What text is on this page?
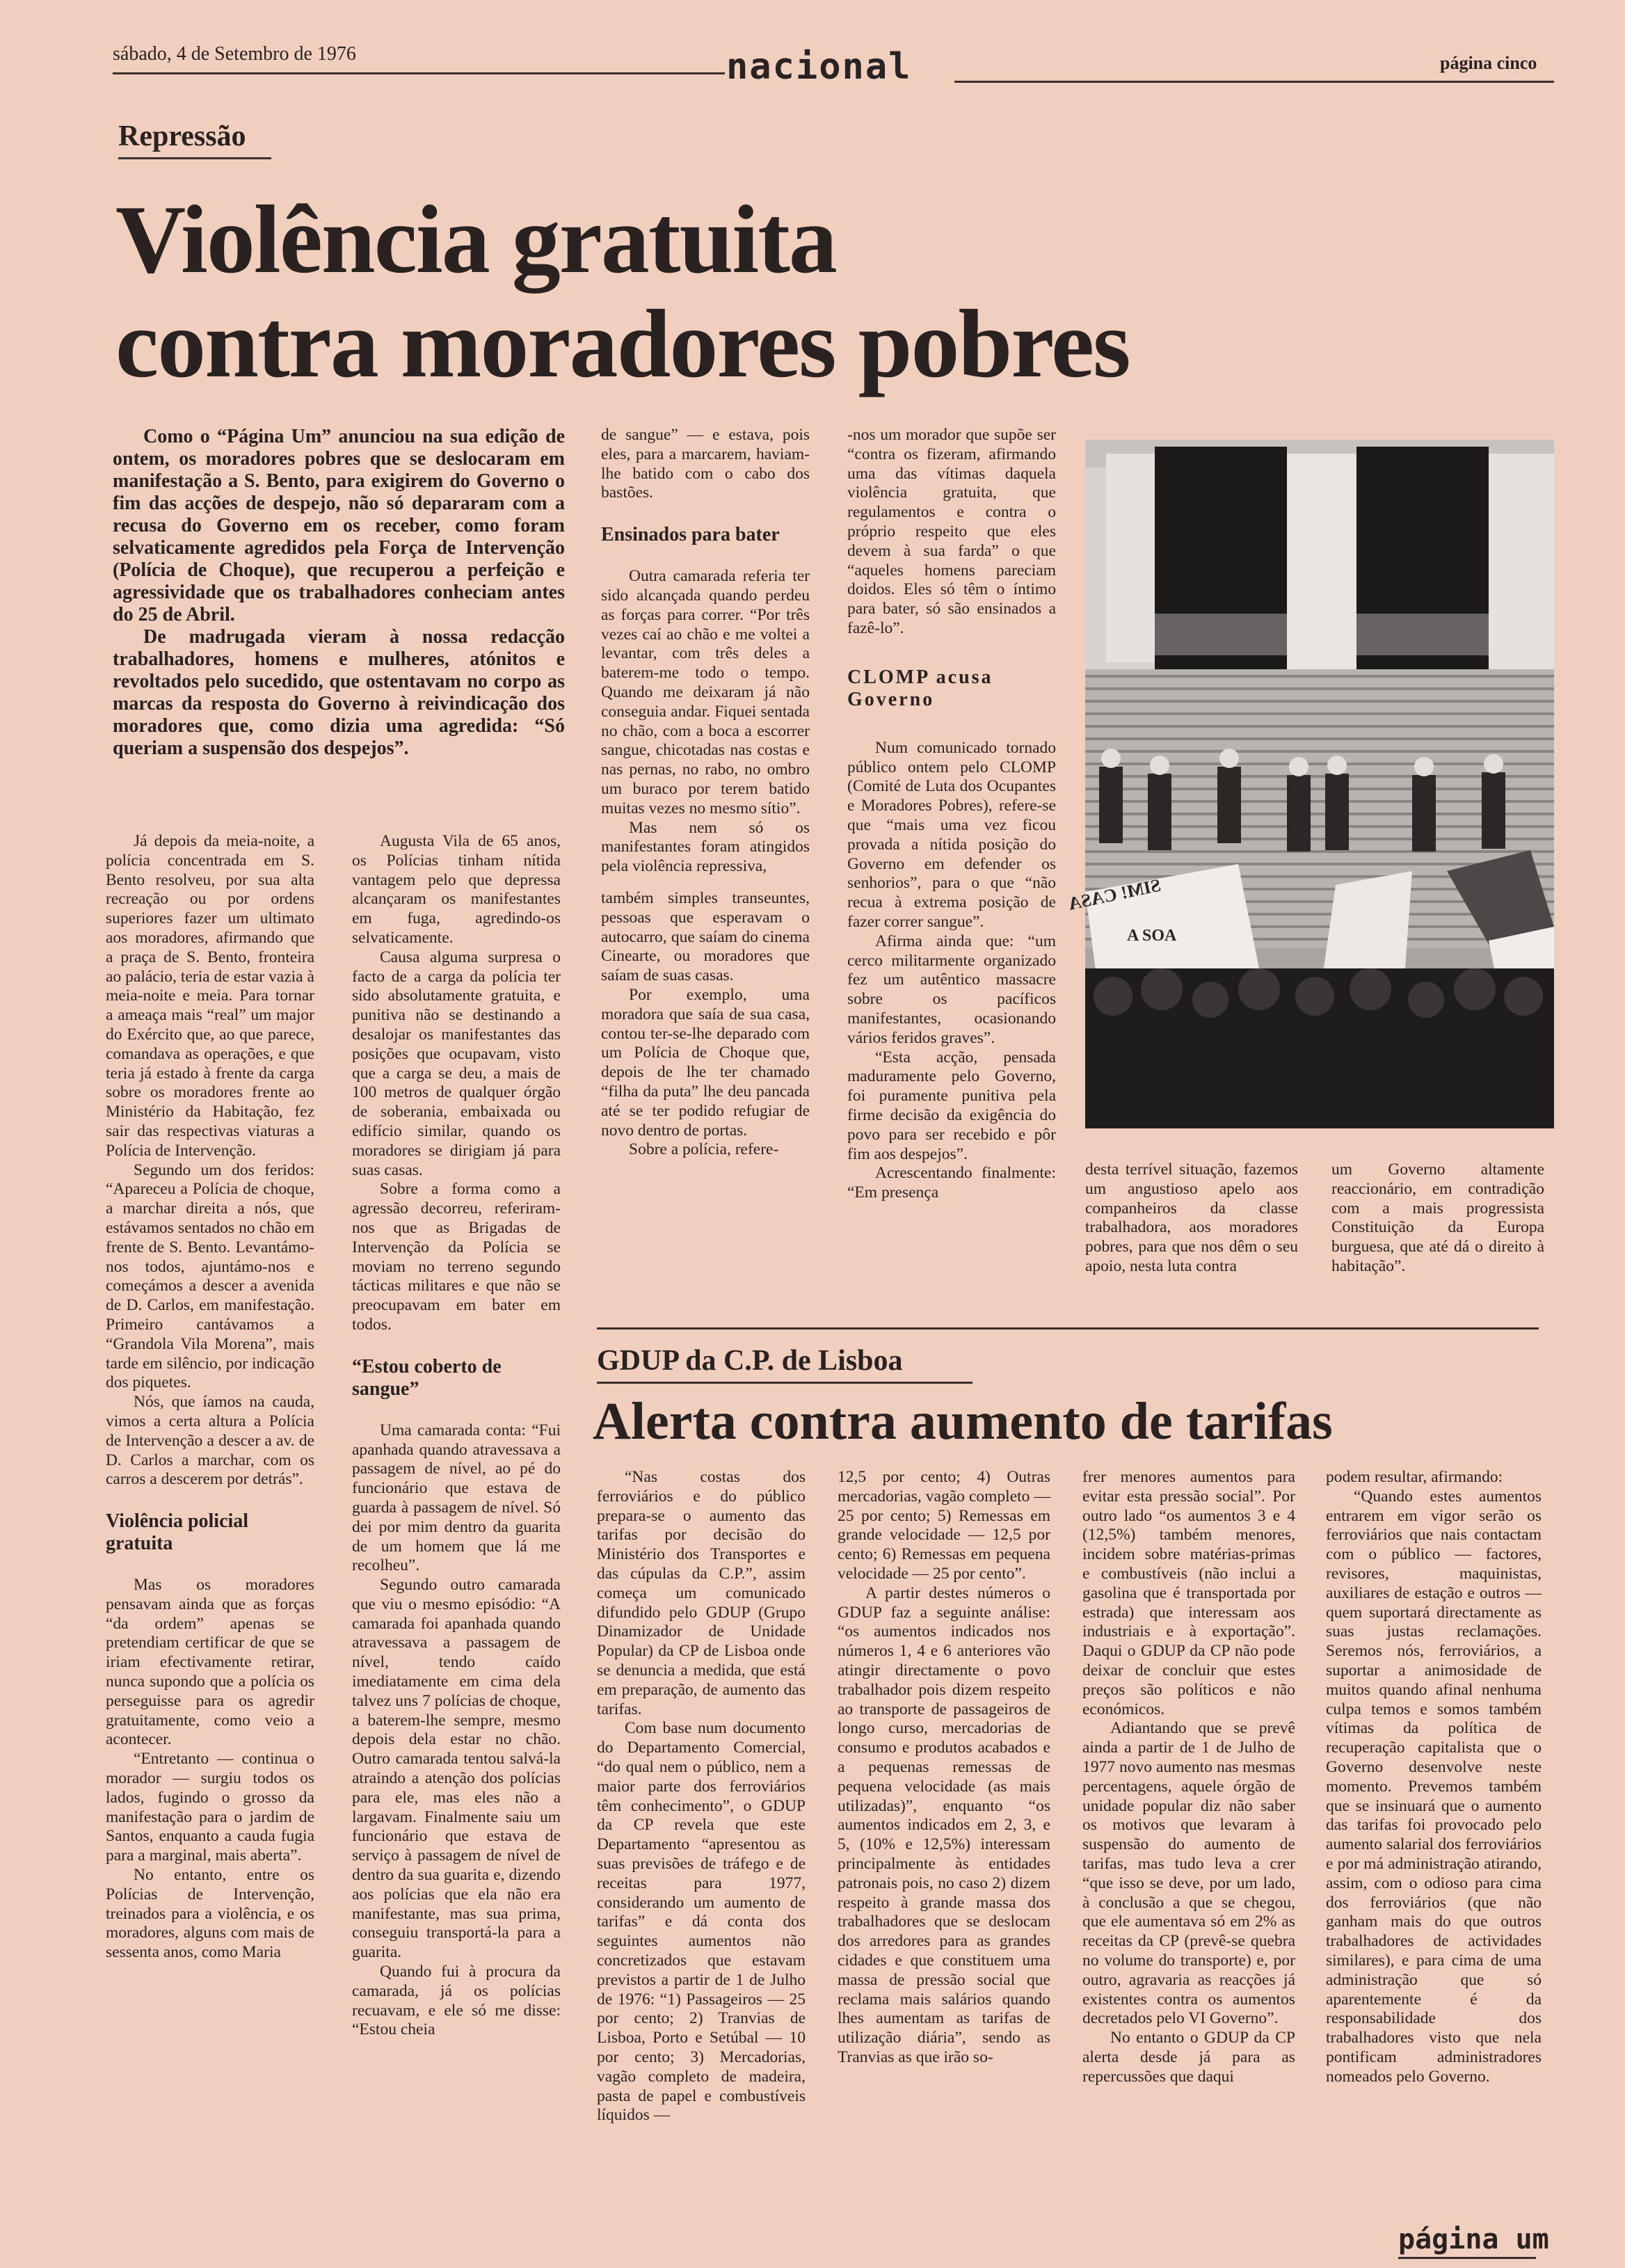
sábado, 4 de Setembro de 1976	nacional	página cinco
Repressão
Violência gratuita
contra moradores pobres

Como o “Página Um” anunciou na sua edição de ontem, os moradores pobres que se deslocaram em manifestação a S. Bento, para exigirem do Governo o fim das acções de despejo, não só depararam com a recusa do Governo em os receber, como foram selvaticamente agredidos pela Força de Intervenção (Polícia de Choque), que recuperou a perfeição e agressividade que os trabalhadores conheciam antes do 25 de Abril.

De madrugada vieram à nossa redacção trabalhadores, homens e mulheres, atónitos e revoltados pelo sucedido, que ostentavam no corpo as marcas da resposta do Governo à reivindicação dos moradores que, como dizia uma agredida: “Só queriam a suspensão dos despejos”.

Já depois da meia-noite, a polícia concentrada em S. Bento resolveu, por sua alta recreação ou por ordens superiores fazer um ultimato aos moradores, afirmando que a praça de S. Bento, fronteira ao palácio, teria de estar vazia à meia-noite e meia. Para tornar a ameaça mais “real” um major do Exército que, ao que parece, comandava as operações, e que teria já estado à frente da carga sobre os moradores frente ao Ministério da Habitação, fez sair das respectivas viaturas a Polícia de Intervenção.

Segundo um dos feridos: “Apareceu a Polícia de choque, a marchar direita a nós, que estávamos sentados no chão em frente de S. Bento. Levantámo-nos todos, ajuntámo-nos e começámos a descer a avenida de D. Carlos, em manifestação. Primeiro cantávamos a “Grandola Vila Morena”, mais tarde em silêncio, por indicação dos piquetes.

Nós, que íamos na cauda, vimos a certa altura a Polícia de Intervenção a descer a av. de D. Carlos a marchar, com os carros a descerem por detrás”.

Violência policial gratuita

Mas os moradores pensavam ainda que as forças “da ordem” apenas se pretendiam certificar de que se iriam efectivamente retirar, nunca supondo que a polícia os perseguisse para os agredir gratuitamente, como veio a acontecer.

“Entretanto — continua o morador — surgiu todos os lados, fugindo o grosso da manifestação para o jardim de Santos, enquanto a cauda fugia para a marginal, mais aberta”.

No entanto, entre os Polícias de Intervenção, treinados para a violência, e os moradores, alguns com mais de sessenta anos, como Maria

Augusta Vila de 65 anos, os Polícias tinham nítida vantagem pelo que depressa alcançaram os manifestantes em fuga, agredindo-os selvaticamente.

Causa alguma surpresa o facto de a carga da polícia ter sido absolutamente gratuita, e punitiva não se destinando a desalojar os manifestantes das posições que ocupavam, visto que a carga se deu, a mais de 100 metros de qualquer órgão de soberania, embaixada ou edifício similar, quando os moradores se dirigiam já para suas casas.

Sobre a forma como a agressão decorreu, referiram-nos que as Brigadas de Intervenção da Polícia se moviam no terreno segundo tácticas militares e que não se preocupavam em bater em todos.

“Estou coberto de sangue”

Uma camarada conta: “Fui apanhada quando atravessava a passagem de nível, ao pé do funcionário que estava de guarda à passagem de nível. Só dei por mim dentro da guarita de um homem que lá me recolheu”.

Segundo outro camarada que viu o mesmo episódio: “A camarada foi apanhada quando atravessava a passagem de nível, tendo caído imediatamente em cima dela talvez uns 7 polícias de choque, a baterem-lhe sempre, mesmo depois dela estar no chão. Outro camarada tentou salvá-la atraindo a atenção dos polícias para ele, mas eles não a largavam. Finalmente saiu um funcionário que estava de serviço à passagem de nível de dentro da sua guarita e, dizendo aos polícias que ela não era manifestante, mas sua prima, conseguiu transportá-la para a guarita.

Quando fui à procura da camarada, já os polícias recuavam, e ele só me disse: “Estou cheia

de sangue” — e estava, pois eles, para a marcarem, haviam-lhe batido com o cabo dos bastões.

Ensinados para bater

Outra camarada referia ter sido alcançada quando perdeu as forças para correr. “Por três vezes caí ao chão e me voltei a levantar, com três deles a baterem-me todo o tempo. Quando me deixaram já não conseguia andar. Fiquei sentada no chão, com a boca a escorrer sangue, chicotadas nas costas e nas pernas, no rabo, no ombro um buraco por terem batido muitas vezes no mesmo sítio”.

Mas nem só os manifestantes foram atingidos pela violência repressiva,

também simples transeuntes, pessoas que esperavam o autocarro, que saíam do cinema Cinearte, ou moradores que saíam de suas casas.

Por exemplo, uma moradora que saía de sua casa, contou ter-se-lhe deparado com um Polícia de Choque que, depois de lhe ter chamado “filha da puta” lhe deu pancada até se ter podido refugiar de novo dentro de portas.

Sobre a polícia, refere-

-nos um morador que supõe ser “contra os fizeram, afirmando uma das vítimas daquela violência gratuita, que regulamentos e contra o próprio respeito que eles devem à sua farda” o que “aqueles homens pareciam doidos. Eles só têm o íntimo para bater, só são ensinados a fazê-lo”.

CLOMP acusa Governo

Num comunicado tornado público ontem pelo CLOMP (Comité de Luta dos Ocupantes e Moradores Pobres), refere-se que “mais uma vez ficou provada a nítida posição do Governo em defender os senhorios”, para o que “não recua à extrema posição de fazer correr sangue”.

Afirma ainda que: “um cerco militarmente organizado fez um autêntico massacre sobre os pacíficos manifestantes, ocasionando vários feridos graves”.

“Esta acção, pensada maduramente pelo Governo, foi puramente punitiva pela firme decisão da exigência do povo para ser recebido e pôr fim aos despejos”.

Acrescentando finalmente: “Em presença

SIM! CASA
A SOA

desta terrível situação, fazemos um angustioso apelo aos companheiros da classe trabalhadora, aos moradores pobres, para que nos dêm o seu apoio, nesta luta contra

um Governo altamente reaccionário, em contradição com a mais progressista Constituição da Europa burguesa, que até dá o direito à habitação”.

GDUP da C.P. de Lisboa
Alerta contra aumento de tarifas

“Nas costas dos ferroviários e do público prepara-se o aumento das tarifas por decisão do Ministério dos Transportes e das cúpulas da C.P.”, assim começa um comunicado difundido pelo GDUP (Grupo Dinamizador de Unidade Popular) da CP de Lisboa onde se denuncia a medida, que está em preparação, de aumento das tarifas.

Com base num documento do Departamento Comercial, “do qual nem o público, nem a maior parte dos ferroviários têm conhecimento”, o GDUP da CP revela que este Departamento “apresentou as suas previsões de tráfego e de receitas para 1977, considerando um aumento de tarifas” e dá conta dos seguintes aumentos não concretizados que estavam previstos a partir de 1 de Julho de 1976: “1) Passageiros — 25 por cento; 2) Tranvias de Lisboa, Porto e Setúbal — 10 por cento; 3) Mercadorias, vagão completo de madeira, pasta de papel e combustíveis líquidos —

12,5 por cento; 4) Outras mercadorias, vagão completo — 25 por cento; 5) Remessas em grande velocidade — 12,5 por cento; 6) Remessas em pequena velocidade — 25 por cento”.

A partir destes números o GDUP faz a seguinte análise: “os aumentos indicados nos números 1, 4 e 6 anteriores vão atingir directamente o povo trabalhador pois dizem respeito ao transporte de passageiros de longo curso, mercadorias de consumo e produtos acabados e a pequenas remessas de pequena velocidade (as mais utilizadas)”, enquanto “os aumentos indicados em 2, 3, e 5, (10% e 12,5%) interessam principalmente às entidades patronais pois, no caso 2) dizem respeito à grande massa dos trabalhadores que se deslocam dos arredores para as grandes cidades e que constituem uma massa de pressão social que reclama mais salários quando lhes aumentam as tarifas de utilização diária”, sendo as Tranvias as que irão so-

frer menores aumentos para evitar esta pressão social”. Por outro lado “os aumentos 3 e 4 (12,5%) também menores, incidem sobre matérias-primas e combustíveis (não inclui a gasolina que é transportada por estrada) que interessam aos industriais e à exportação”. Daqui o GDUP da CP não pode deixar de concluir que estes preços são políticos e não económicos.

Adiantando que se prevê ainda a partir de 1 de Julho de 1977 novo aumento nas mesmas percentagens, aquele órgão de unidade popular diz não saber os motivos que levaram à suspensão do aumento de tarifas, mas tudo leva a crer “que isso se deve, por um lado, à conclusão a que se chegou, que ele aumentava só em 2% as receitas da CP (prevê-se quebra no volume do transporte) e, por outro, agravaria as reacções já existentes contra os aumentos decretados pelo VI Governo”.

No entanto o GDUP da CP alerta desde já para as repercussões que daqui

podem resultar, afirmando:

“Quando estes aumentos entrarem em vigor serão os ferroviários que nais contactam com o público — factores, revisores, maquinistas, auxiliares de estação e outros — quem suportará directamente as suas justas reclamações. Seremos nós, ferroviários, a suportar a animosidade de muitos quando afinal nenhuma culpa temos e somos também vítimas da política de recuperação capitalista que o Governo desenvolve neste momento. Prevemos também que se insinuará que o aumento das tarifas foi provocado pelo aumento salarial dos ferroviários e por má administração atirando, assim, com o odioso para cima dos ferroviários (que não ganham mais do que outros trabalhadores de actividades similares), e para cima de uma administração que só aparentemente é da responsabilidade dos trabalhadores visto que nela pontificam administradores nomeados pelo Governo.

página um
